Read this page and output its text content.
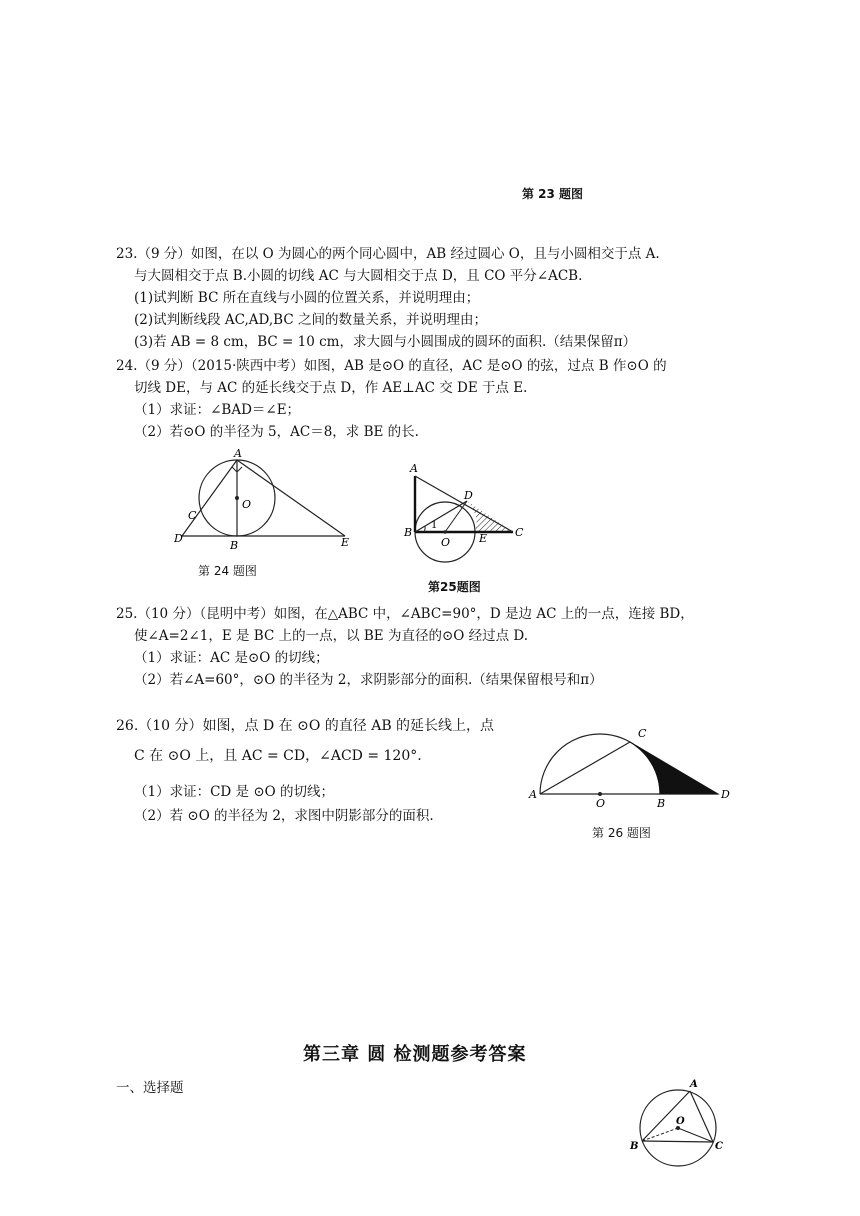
第 23 题图
23.（9 分）如图，在以 O 为圆心的两个同心圆中，AB 经过圆心 O，且与小圆相交于点 A.
与大圆相交于点 B.小圆的切线 AC 与大圆相交于点 D，且 CO 平分∠ACB.
(1)试判断 BC 所在直线与小圆的位置关系，并说明理由；
(2)试判断线段 AC,AD,BC 之间的数量关系，并说明理由；
(3)若 AB = 8 cm，BC = 10 cm，求大圆与小圆围成的圆环的面积.（结果保留π）
24.（9 分）（2015·陕西中考）如图，AB 是⊙O 的直径，AC 是⊙O 的弦，过点 B 作⊙O 的
切线 DE，与 AC 的延长线交于点 D，作 AE⊥AC 交 DE 于点 E.
（1）求证：∠BAD＝∠E；
（2）若⊙O 的半径为 5，AC＝8，求 BE 的长.
A
O
C
D
B	E
第 24 题图
A
D
B
1
O	E	C
第25题图
25.（10 分）（昆明中考）如图，在△ABC 中，∠ABC=90°，D 是边 AC 上的一点，连接 BD，
使∠A=2∠1，E 是 BC 上的一点，以 BE 为直径的⊙O 经过点 D.
（1）求证：AC 是⊙O 的切线；
（2）若∠A=60°，⊙O 的半径为 2，求阴影部分的面积.（结果保留根号和π）
26.（10 分）如图，点 D 在 ⊙O 的直径 AB 的延长线上，点
C 在 ⊙O 上，且 AC = CD，∠ACD = 120°.
（1）求证：CD 是 ⊙O 的切线；
（2）若 ⊙O 的半径为 2，求图中阴影部分的面积.
A
O	B
C
D
第 26 题图
第三章 圆 检测题参考答案
一、选择题	A
O
B	C
